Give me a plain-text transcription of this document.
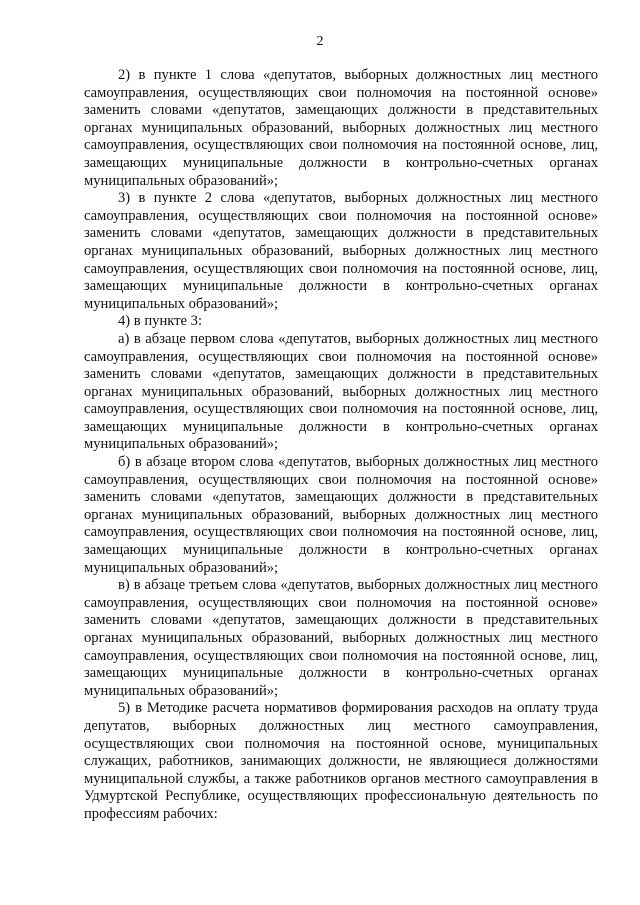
2

2) в пункте 1 слова «депутатов, выборных должностных лиц местного самоуправления, осуществляющих свои полномочия на постоянной основе» заменить словами «депутатов, замещающих должности в представительных органах муниципальных образований, выборных должностных лиц местного самоуправления, осуществляющих свои полномочия на постоянной основе, лиц, замещающих муниципальные должности в контрольно-счетных органах муниципальных образований»;

3) в пункте 2 слова «депутатов, выборных должностных лиц местного самоуправления, осуществляющих свои полномочия на постоянной основе» заменить словами «депутатов, замещающих должности в представительных органах муниципальных образований, выборных должностных лиц местного самоуправления, осуществляющих свои полномочия на постоянной основе, лиц, замещающих муниципальные должности в контрольно-счетных органах муниципальных образований»;

4) в пункте 3:

а) в абзаце первом слова «депутатов, выборных должностных лиц местного самоуправления, осуществляющих свои полномочия на постоянной основе» заменить словами «депутатов, замещающих должности в представительных органах муниципальных образований, выборных должностных лиц местного самоуправления, осуществляющих свои полномочия на постоянной основе, лиц, замещающих муниципальные должности в контрольно-счетных органах муниципальных образований»;

б) в абзаце втором слова «депутатов, выборных должностных лиц местного самоуправления, осуществляющих свои полномочия на постоянной основе» заменить словами «депутатов, замещающих должности в представительных органах муниципальных образований, выборных должностных лиц местного самоуправления, осуществляющих свои полномочия на постоянной основе, лиц, замещающих муниципальные должности в контрольно-счетных органах муниципальных образований»;

в) в абзаце третьем слова «депутатов, выборных должностных лиц местного самоуправления, осуществляющих свои полномочия на постоянной основе» заменить словами «депутатов, замещающих должности в представительных органах муниципальных образований, выборных должностных лиц местного самоуправления, осуществляющих свои полномочия на постоянной основе, лиц, замещающих муниципальные должности в контрольно-счетных органах муниципальных образований»;

5) в Методике расчета нормативов формирования расходов на оплату труда депутатов, выборных должностных лиц местного самоуправления, осуществляющих свои полномочия на постоянной основе, муниципальных служащих, работников, занимающих должности, не являющиеся должностями муниципальной службы, а также работников органов местного самоуправления в Удмуртской Республике, осуществляющих профессиональную деятельность по профессиям рабочих:
